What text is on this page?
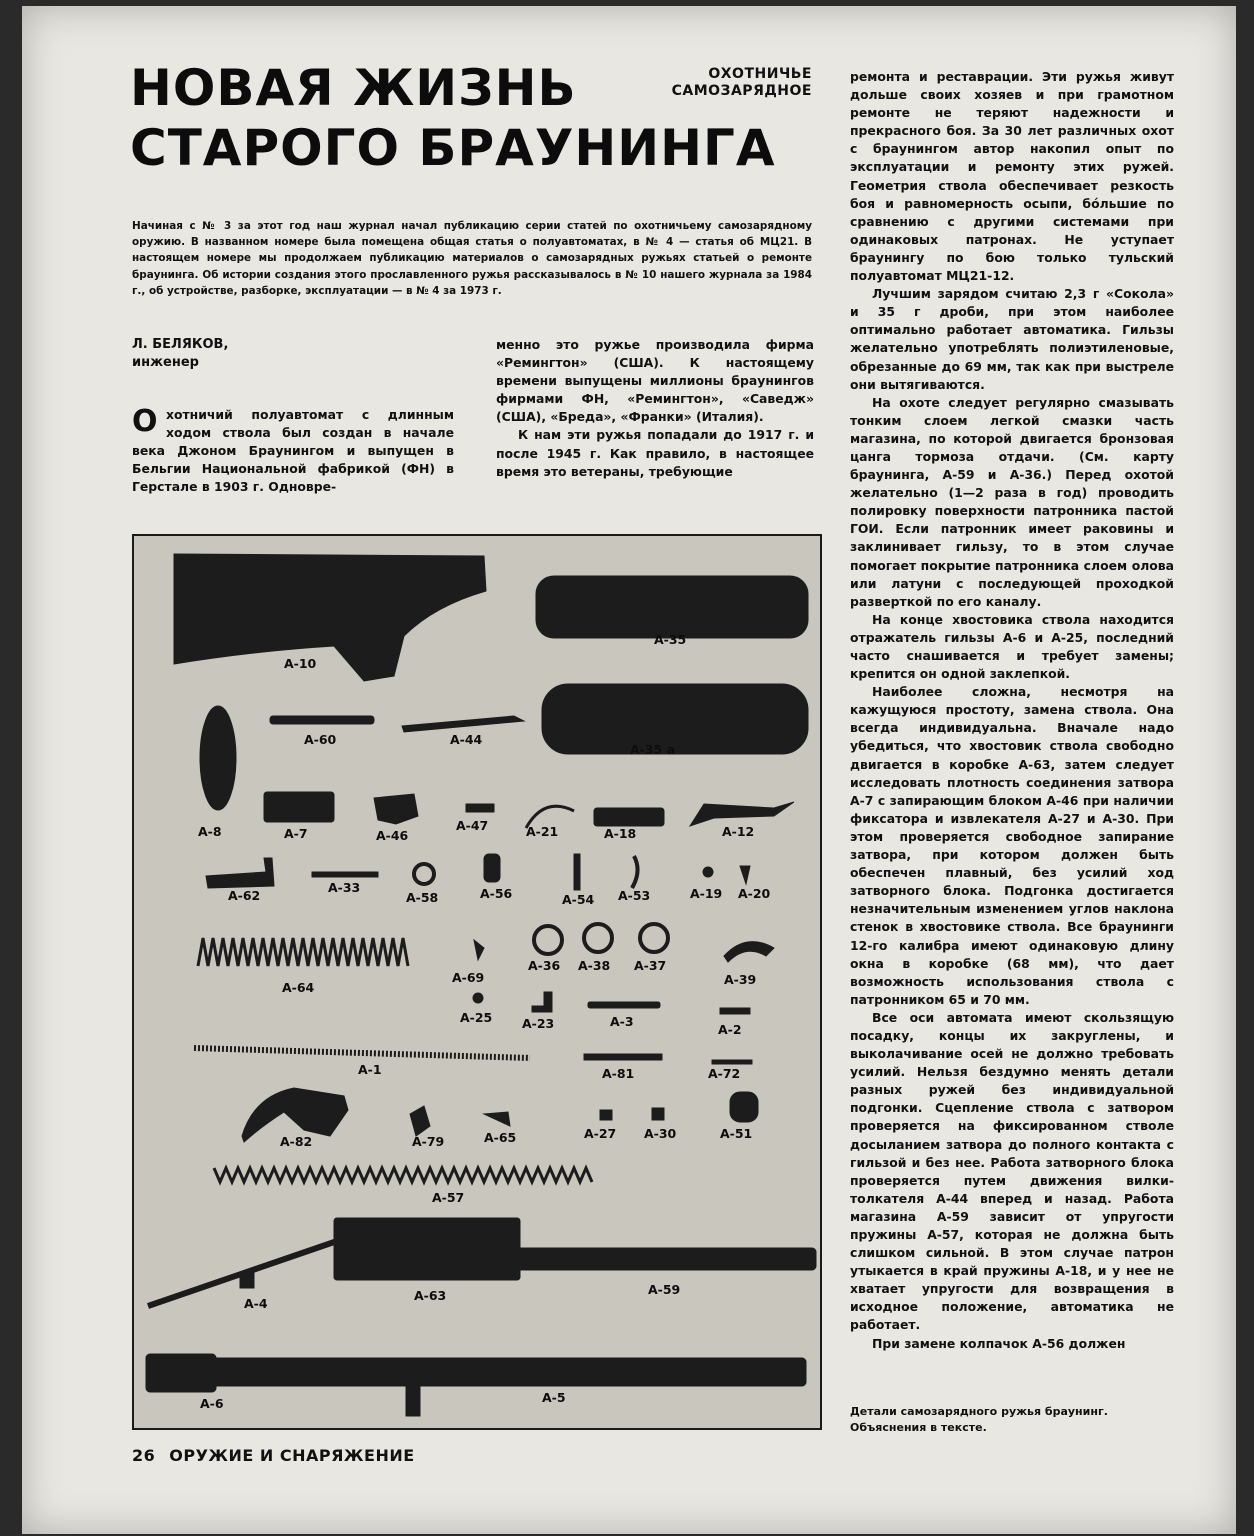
НОВАЯ ЖИЗНЬ
СТАРОГО БРАУНИНГА
ОХОТНИЧЬЕ
САМОЗАРЯДНОЕ
Начиная с № 3 за этот год наш журнал начал публикацию серии статей по охотничьему самозарядному оружию. В названном номере была помещена общая статья о полуавтоматах, в № 4 — статья об МЦ21. В настоящем номере мы продолжаем публикацию материалов о самозарядных ружьях статьей о ремонте браунинга. Об истории создания этого прославленного ружья рассказывалось в № 10 нашего журнала за 1984 г., об устройстве, разборке, эксплуатации — в № 4 за 1973 г.
Л. БЕЛЯКОВ,
инженер

Охотничий полуавтомат с длинным ходом ствола был создан в начале века Джоном Браунингом и выпущен в Бельгии Национальной фабрикой (ФН) в Герстале в 1903 г. Одновре-

менно это ружье производила фирма «Ремингтон» (США). К настоящему времени выпущены миллионы браунингов фирмами ФН, «Ремингтон», «Саведж» (США), «Бреда», «Франки» (Италия).

К нам эти ружья попадали до 1917 г. и после 1945 г. Как правило, в настоящее время это ветераны, требующие

ремонта и реставрации. Эти ружья живут дольше своих хозяев и при грамотном ремонте не теряют надежности и прекрасного боя. За 30 лет различных охот с браунингом автор накопил опыт по эксплуатации и ремонту этих ружей. Геометрия ствола обеспечивает резкость боя и равномерность осыпи, бóльшие по сравнению с другими системами при одинаковых патронах. Не уступает браунингу по бою только тульский полуавтомат МЦ21-12.

Лучшим зарядом считаю 2,3 г «Сокола» и 35 г дроби, при этом наиболее оптимально работает автоматика. Гильзы желательно употреблять полиэтиленовые, обрезанные до 69 мм, так как при выстреле они вытягиваются.

На охоте следует регулярно смазывать тонким слоем легкой смазки часть магазина, по которой двигается бронзовая цанга тормоза отдачи. (См. карту браунинга, А-59 и А-36.) Перед охотой желательно (1—2 раза в год) проводить полировку поверхности патронника пастой ГОИ. Если патронник имеет раковины и заклинивает гильзу, то в этом случае помогает покрытие патронника слоем олова или латуни с последующей проходкой разверткой по его каналу.

На конце хвостовика ствола находится отражатель гильзы А-6 и А-25, последний часто снашивается и требует замены; крепится он одной заклепкой.

Наиболее сложна, несмотря на кажущуюся простоту, замена ствола. Она всегда индивидуальна. Вначале надо убедиться, что хвостовик ствола свободно двигается в коробке А-63, затем следует исследовать плотность соединения затвора А-7 с запирающим блоком А-46 при наличии фиксатора и извлекателя А-27 и А-30. При этом проверяется свободное запирание затвора, при котором должен быть обеспечен плавный, без усилий ход затворного блока. Подгонка достигается незначительным изменением углов наклона стенок в хвостовике ствола. Все браунинги 12-го калибра имеют одинаковую длину окна в коробке (68 мм), что дает возможность использования ствола с патронником 65 и 70 мм.

Все оси автомата имеют скользящую посадку, концы их закруглены, и выколачивание осей не должно требовать усилий. Нельзя бездумно менять детали разных ружей без индивидуальной подгонки. Сцепление ствола с затвором проверяется на фиксированном стволе досыланием затвора до полного контакта с гильзой и без нее. Работа затворного блока проверяется путем движения вилки-толкателя А-44 вперед и назад. Работа магазина А-59 зависит от упругости пружины А-57, которая не должна быть слишком сильной. В этом случае патрон утыкается в край пружины А-18, и у нее не хватает упругости для возвращения в исходное положение, автоматика не работает.

При замене колпачок А-56 должен

А-10
А-35
А-35 а
А-60	А-44
А-8	А-7	А-46
А-47	А-21	А-18	А-12
А-62
А-33
А-58	А-56	А-54 А-53	А-19 А-20
А-64
А-69
А-36 А-38 А-37
А-39
А-25 А-23	А-3
А-2
А-1	А-81	А-72
А-82	А-79	А-65	А-27 А-30	А-51
А-57
А-4
А-63	А-59
А-6	А-5
Детали самозарядного ружья браунинг. Объяснения в тексте.
26 ОРУЖИЕ И СНАРЯЖЕНИЕ
